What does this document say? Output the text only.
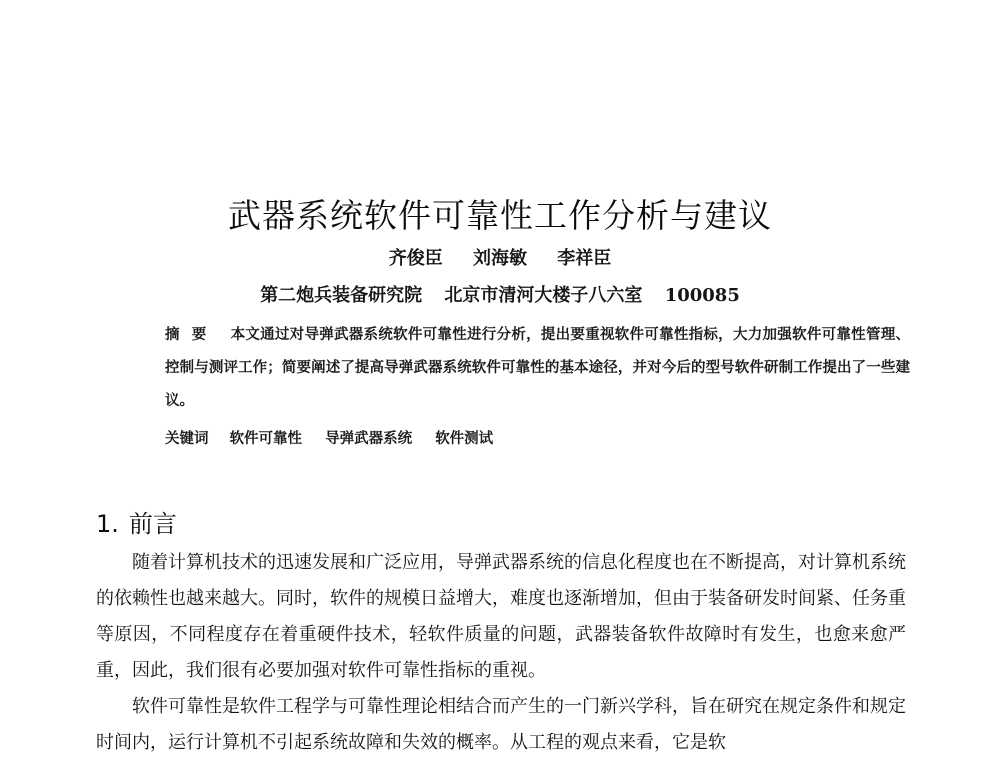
武器系统软件可靠性工作分析与建议
齐俊臣 刘海敏 李祥臣
第二炮兵装备研究院 北京市清河大楼子八六室 100085
摘要 本文通过对导弹武器系统软件可靠性进行分析，提出要重视软件可靠性指标，大力加强软件可靠性管理、控制与测评工作；简要阐述了提高导弹武器系统软件可靠性的基本途径，并对今后的型号软件研制工作提出了一些建议。
关键词 软件可靠性 导弹武器系统 软件测试
1. 前言

随着计算机技术的迅速发展和广泛应用，导弹武器系统的信息化程度也在不断提高，对计算机系统的依赖性也越来越大。同时，软件的规模日益增大，难度也逐渐增加，但由于装备研发时间紧、任务重等原因，不同程度存在着重硬件技术，轻软件质量的问题，武器装备软件故障时有发生，也愈来愈严重，因此，我们很有必要加强对软件可靠性指标的重视。

软件可靠性是软件工程学与可靠性理论相结合而产生的一门新兴学科，旨在研究在规定条件和规定时间内，运行计算机不引起系统故障和失效的概率。从工程的观点来看，它是软
